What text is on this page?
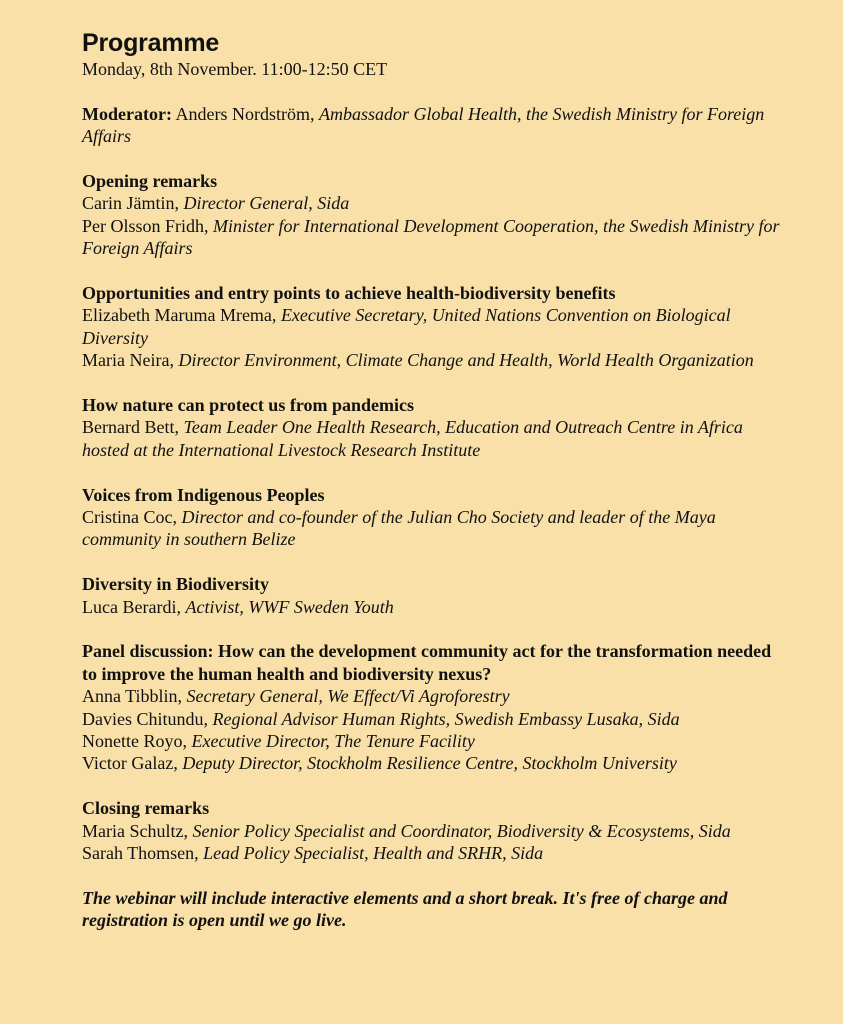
Programme

Monday, 8th November. 11:00-12:50 CET

Moderator: Anders Nordström, Ambassador Global Health, the Swedish Ministry for Foreign Affairs
Opening remarks
Carin Jämtin, Director General, Sida
Per Olsson Fridh, Minister for International Development Cooperation, the Swedish Ministry for Foreign Affairs
Opportunities and entry points to achieve health-biodiversity benefits
Elizabeth Maruma Mrema, Executive Secretary, United Nations Convention on Biological Diversity
Maria Neira, Director Environment, Climate Change and Health, World Health Organization
How nature can protect us from pandemics
Bernard Bett, Team Leader One Health Research, Education and Outreach Centre in Africa hosted at the International Livestock Research Institute
Voices from Indigenous Peoples
Cristina Coc, Director and co-founder of the Julian Cho Society and leader of the Maya community in southern Belize
Diversity in Biodiversity
Luca Berardi, Activist, WWF Sweden Youth
Panel discussion: How can the development community act for the transformation needed to improve the human health and biodiversity nexus?
Anna Tibblin, Secretary General, We Effect/Vi Agroforestry
Davies Chitundu, Regional Advisor Human Rights, Swedish Embassy Lusaka, Sida
Nonette Royo, Executive Director, The Tenure Facility
Victor Galaz, Deputy Director, Stockholm Resilience Centre, Stockholm University
Closing remarks
Maria Schultz, Senior Policy Specialist and Coordinator, Biodiversity & Ecosystems, Sida
Sarah Thomsen, Lead Policy Specialist, Health and SRHR, Sida

The webinar will include interactive elements and a short break. It's free of charge and registration is open until we go live.
